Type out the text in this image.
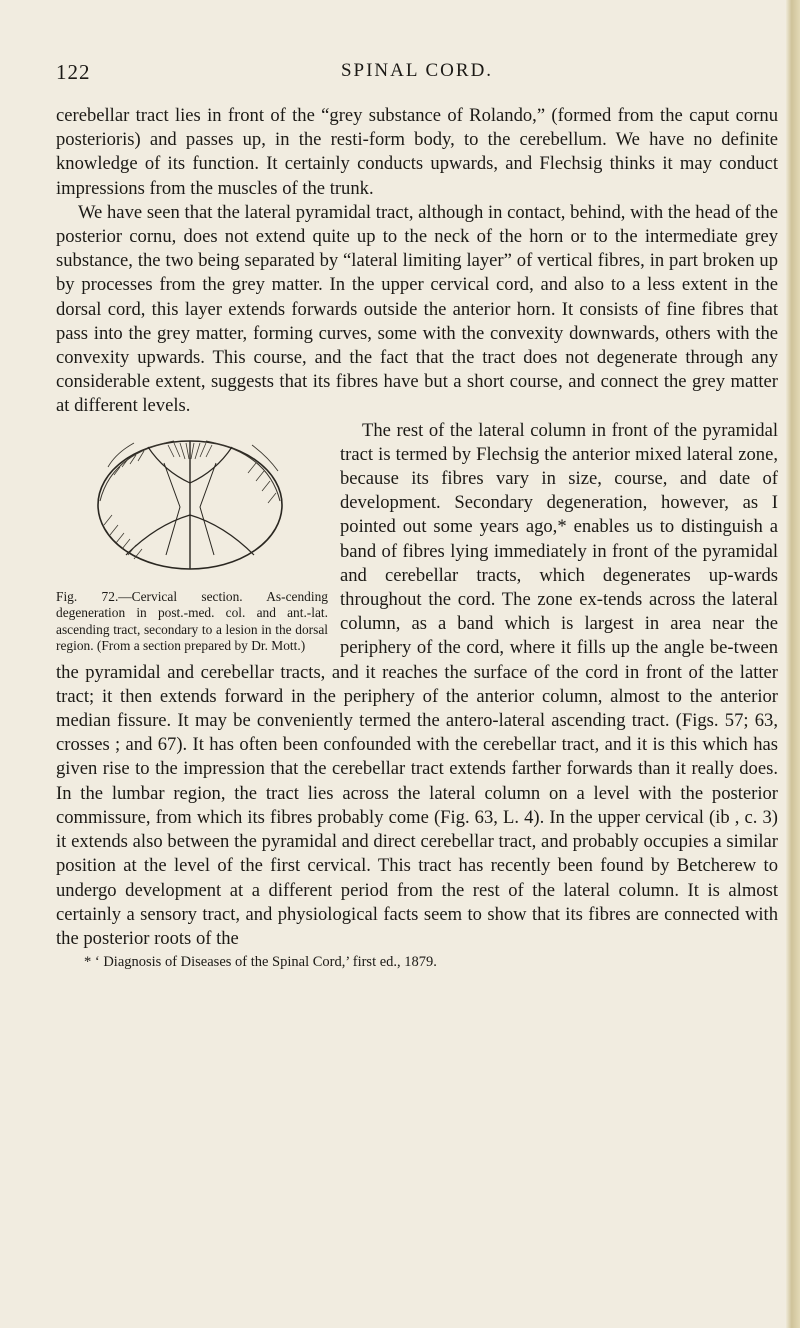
122	SPINAL CORD.

cerebellar tract lies in front of the “grey substance of Rolando,” (formed from the caput cornu posterioris) and passes up, in the resti-form body, to the cerebellum. We have no definite knowledge of its function. It certainly conducts upwards, and Flechsig thinks it may conduct impressions from the muscles of the trunk.

We have seen that the lateral pyramidal tract, although in contact, behind, with the head of the posterior cornu, does not extend quite up to the neck of the horn or to the intermediate grey substance, the two being separated by “lateral limiting layer” of vertical fibres, in part broken up by processes from the grey matter. In the upper cervical cord, and also to a less extent in the dorsal cord, this layer extends forwards outside the anterior horn. It consists of fine fibres that pass into the grey matter, forming curves, some with the convexity downwards, others with the convexity upwards. This course, and the fact that the tract does not degenerate through any considerable extent, suggests that its fibres have but a short course, and connect the grey matter at different levels.

Fig. 72.—Cervical section. As-cending degeneration in post.-med. col. and ant.-lat. ascending tract, secondary to a lesion in the dorsal region. (From a section prepared by Dr. Mott.)

The rest of the lateral column in front of the pyramidal tract is termed by Flechsig the anterior mixed lateral zone, because its fibres vary in size, course, and date of development. Secondary degeneration, however, as I pointed out some years ago,* enables us to distinguish a band of fibres lying immediately in front of the pyramidal and cerebellar tracts, which degenerates up-wards throughout the cord. The zone ex-tends across the lateral column, as a band which is largest in area near the periphery of the cord, where it fills up the angle be-tween the pyramidal and cerebellar tracts, and it reaches the surface of the cord in front of the latter tract; it then extends forward in the periphery of the anterior column, almost to the anterior median fissure. It may be conveniently termed the antero-lateral ascending tract. (Figs. 57; 63, crosses ; and 67). It has often been confounded with the cerebellar tract, and it is this which has given rise to the impression that the cerebellar tract extends farther forwards than it really does. In the lumbar region, the tract lies across the lateral column on a level with the posterior commissure, from which its fibres probably come (Fig. 63, L. 4). In the upper cervical (ib , c. 3) it extends also between the pyramidal and direct cerebellar tract, and probably occupies a similar position at the level of the first cervical. This tract has recently been found by Betcherew to undergo development at a different period from the rest of the lateral column. It is almost certainly a sensory tract, and physiological facts seem to show that its fibres are connected with the posterior roots of the

* ‘ Diagnosis of Diseases of the Spinal Cord,’ first ed., 1879.
